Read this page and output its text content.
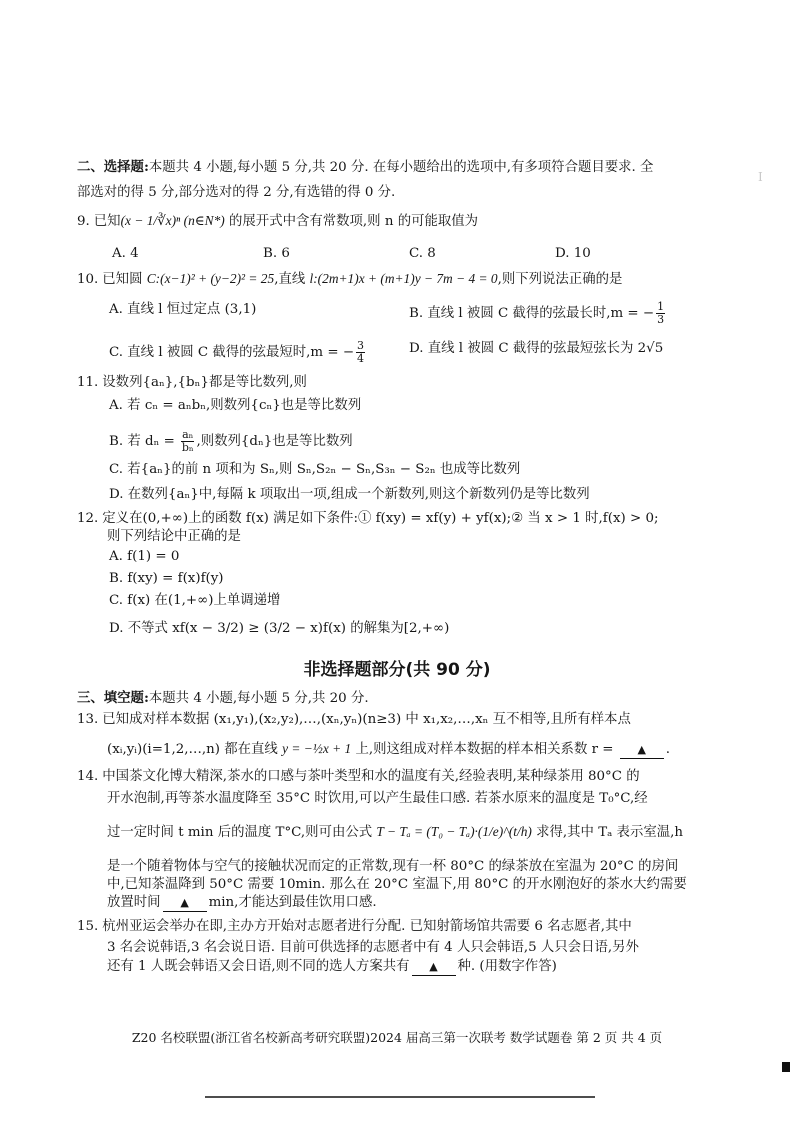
Ⅰ
二、选择题:本题共 4 小题,每小题 5 分,共 20 分. 在每小题给出的选项中,有多项符合题目要求. 全
部选对的得 5 分,部分选对的得 2 分,有选错的得 0 分.
9. 已知(x − 1/∛x)ⁿ (n∈N*) 的展开式中含有常数项,则 n 的可能取值为
A. 4	B. 6	C. 8	D. 10
10. 已知圆 C:(x−1)² + (y−2)² = 25,直线 l:(2m+1)x + (m+1)y − 7m − 4 = 0,则下列说法正确的是
A. 直线 l 恒过定点 (3,1)	B. 直线 l 被圆 C 截得的弦最长时,m = − $\frac{1}{3}$
C. 直线 l 被圆 C 截得的弦最短时,m = − $\frac{3}{4}$	D. 直线 l 被圆 C 截得的弦最短弦长为 2√5
11. 设数列{aₙ},{bₙ}都是等比数列,则
A. 若 cₙ = aₙbₙ,则数列{cₙ}也是等比数列
B. 若 $d_n = \frac{\text{aₙ}}{\text{bₙ}}$ ,则数列{dₙ}也是等比数列
C. 若{aₙ}的前 n 项和为 Sₙ,则 Sₙ,S₂ₙ − Sₙ,S₃ₙ − S₂ₙ 也成等比数列
D. 在数列{aₙ}中,每隔 k 项取出一项,组成一个新数列,则这个新数列仍是等比数列
12. 定义在(0,+∞)上的函数 f(x) 满足如下条件:① f(xy) = xf(y) + yf(x);② 当 x > 1 时,f(x) > 0;
则下列结论中正确的是
A. f(1) = 0
B. f(xy) = f(x)f(y)
C. f(x) 在(1,+∞)上单调递增
D. 不等式 xf(x − 3/2) ≥ (3/2 − x)f(x) 的解集为[2,+∞)
非选择题部分(共 90 分)
三、填空题:本题共 4 小题,每小题 5 分,共 20 分.
13. 已知成对样本数据 (x₁,y₁),(x₂,y₂),…,(xₙ,yₙ)(n≥3) 中 x₁,x₂,…,xₙ 互不相等,且所有样本点
(xᵢ,yᵢ)(i=1,2,…,n) 都在直线 y = −½x + 1 上,则这组成对样本数据的样本相关系数 r = ▲ .
14. 中国茶文化博大精深,茶水的口感与茶叶类型和水的温度有关,经验表明,某种绿茶用 80°C 的
开水泡制,再等茶水温度降至 35°C 时饮用,可以产生最佳口感. 若茶水原来的温度是 T₀°C,经
过一定时间 t min 后的温度 T°C,则可由公式 T − Tₐ = (T₀ − Tₐ)·(1/e)^(t/h) 求得,其中 Tₐ 表示室温,h
是一个随着物体与空气的接触状况而定的正常数,现有一杯 80°C 的绿茶放在室温为 20°C 的房间
中,已知茶温降到 50°C 需要 10min. 那么在 20°C 室温下,用 80°C 的开水刚泡好的茶水大约需要
放置时间 ▲ min,才能达到最佳饮用口感.
15. 杭州亚运会举办在即,主办方开始对志愿者进行分配. 已知射箭场馆共需要 6 名志愿者,其中
3 名会说韩语,3 名会说日语. 目前可供选择的志愿者中有 4 人只会韩语,5 人只会日语,另外
还有 1 人既会韩语又会日语,则不同的选人方案共有 ▲ 种. (用数字作答)
Z20 名校联盟(浙江省名校新高考研究联盟)2024 届高三第一次联考 数学试题卷 第 2 页 共 4 页
